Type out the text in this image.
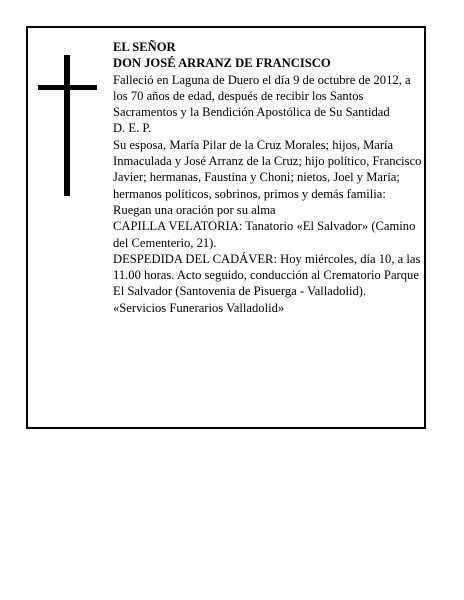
EL SEÑOR

DON JOSÉ ARRANZ DE FRANCISCO

Falleció en Laguna de Duero el día 9 de octubre de 2012, a los 70 años de edad, después de recibir los Santos Sacramentos y la Bendición Apostólica de Su Santidad

D. E. P.

Su esposa, María Pilar de la Cruz Morales; hijos, María Inmaculada y José Arranz de la Cruz; hijo político, Francisco Javier; hermanas, Faustina y Choni; nietos, Joel y María; hermanos políticos, sobrinos, primos y demás familia:

Ruegan una oración por su alma

CAPILLA VELATORIA: Tanatorio «El Salvador» (Camino del Cementerio, 21).

DESPEDIDA DEL CADÁVER: Hoy miércoles, día 10, a las 11.00 horas. Acto seguido, conducción al Crematorio Parque El Salvador (Santovenia de Pisuerga - Valladolid).

«Servicios Funerarios Valladolid»
